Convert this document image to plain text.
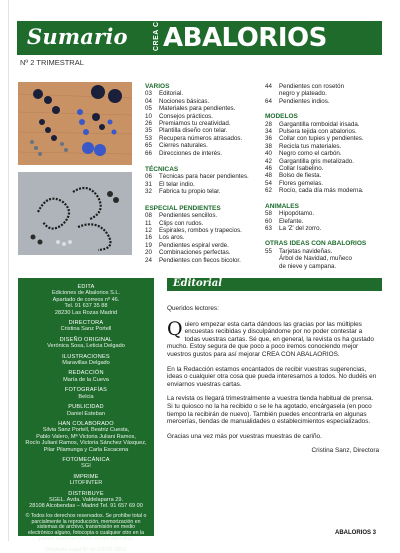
Sumario	CREA CON ABALORIOS
Nº 2 TRIMESTRAL
VARIOS
03	Editorial.
04	Nociones básicas.
05	Materiales para pendientes.
10	Consejos prácticos.
26	Premiamos tu creatividad.
35	Plantilla diseño con telar.
53	Recupera números atrasados.
65	Cierres naturales.
66	Direcciones de interés.
TÉCNICAS
06	Técnicas para hacer pendientes.
31	El telar indio.
32	Fabrica tu propio telar.
ESPECIAL PENDIENTES
08	Pendientes sencillos.
11	Clips con rudos.
12	Espirales, rombos y trapecios.
16	Los aros.
19	Pendientes espiral verde.
20	Combinaciones perfectas.
24	Pendientes con flecos bicolor.
44	Pendientes con rosetón
negro y plateado.
64	Pendientes indios.
MODELOS
28	Gargantilla romboidal irisada.
34	Pulsera tejida con abalorios.
36	Collar con tupies y pendientes.
38	Recicla tus materiales.
40	Negro como el carbón.
42	Gargantilla gris metalizado.
46	Collar Isabelino.
48	Bolso de fiesta.
54	Flores gemelas.
62	Rocío, cada día más moderna.
ANIMALES
58	Hipopótamo.
60	Elefante.
63	La 'Z' del zorro.
OTRAS IDEAS CON ABALORIOS
55	Tarjetas navideñas.
Árbol de Navidad, muñeco
de nieve y campana.
EDITA
Ediciones de Abalorios S.L.
Apartado de correos nº 46.
Tel. 91 637 35 88
28230 Las Rozas Madrid
DIRECTORA
Cristina Sanz Portell
DISEÑO ORIGINAL
Verónica Sosa, Leticia Delgado
ILUSTRACIONES
Maravillas Delgado
REDACCIÓN
María de la Cueva
FOTOGRAFÍAS
Belcia
PUBLICIDAD
Daniel Esteban
HAN COLABORADO
Silvia Sanz Portell, Beatriz Cuesta,
Pablo Valero, Mª Victoria Juliani Ramos,
Rocío Juliani Ramos, Victoria Sánchez Vásquez,
Pilar Pilamunga y Carla Escacena
FOTOMECÁNICA
SGI
IMPRIME
LITOFINTER
DISTRIBUYE
SGEL. Avda. Valdelaparra 29.
28108 Alcobendas – Madrid Tel. 91 657 69 00
© Todos los derechos reservados. Se prohíbe total o parcialmente la reproducción, memorización en sistemas de archivo, transmisión en medio electrónico alguno, fotocopia o cualquier otro en la prensa autorización por escrito del editor.
Depósito legal Nº M-23036-2002
Editorial

Queridos lectores:

Quiero empezar esta carta dándoos las gracias por las múltiples encuestas recibidas y disculpándome por no poder contestar a todas vuestras cartas. Sé que, en general, la revista os ha gustado mucho. Estoy segura de que poco a poco iremos conociendo mejor vuestros gustos para así mejorar CREA CON ABALAORIOS.

En la Redacción estamos encantados de recibir vuestras sugerencias, ideas o cualquier otra cosa que pueda interesarnos a todos. No dudéis en enviarnos vuestras cartas.

La revista os llegará trimestralmente a vuestra tienda habitual de prensa. Si tu quiosco no la ha recibido o se le ha agotado, encárgasela (en poco tiempo la recibirán de nuevo). También puedes encontrarla en algunas mercerías, tiendas de manualidades o establecimientos especializados.

Gracias una vez más por vuestras muestras de cariño.

Cristina Sanz, Directora

ABALORIOS 3
